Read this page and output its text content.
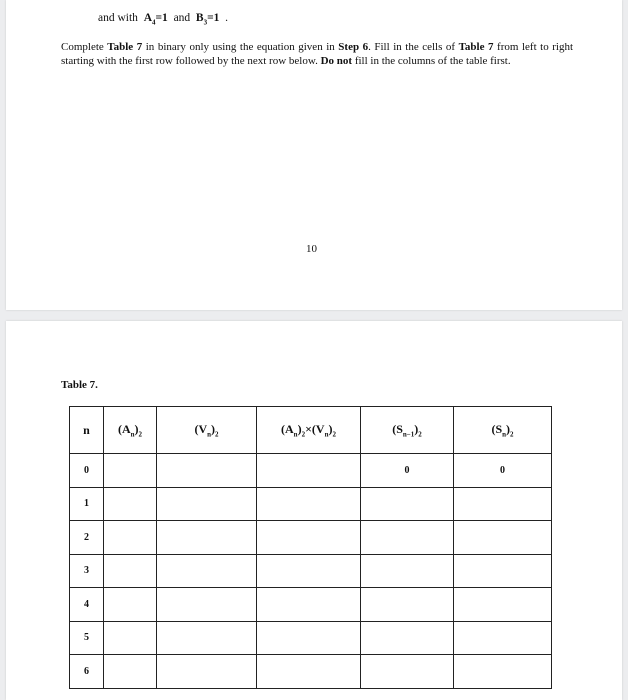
and with $A_4=1$ and $B_3=1$ .
Complete Table 7 in binary only using the equation given in Step 6. Fill in the cells of Table 7 from left to right starting with the first row followed by the next row below. Do not fill in the columns of the table first.
10
Table 7.
n	$(A_n)_2$	$(V_n)_2$	$(A_n)_2\times(V_n)_2$	$(S_{n-1})_2$	$(S_n)_2$
0				0	0
1					
2					
3					
4					
5					
6					
